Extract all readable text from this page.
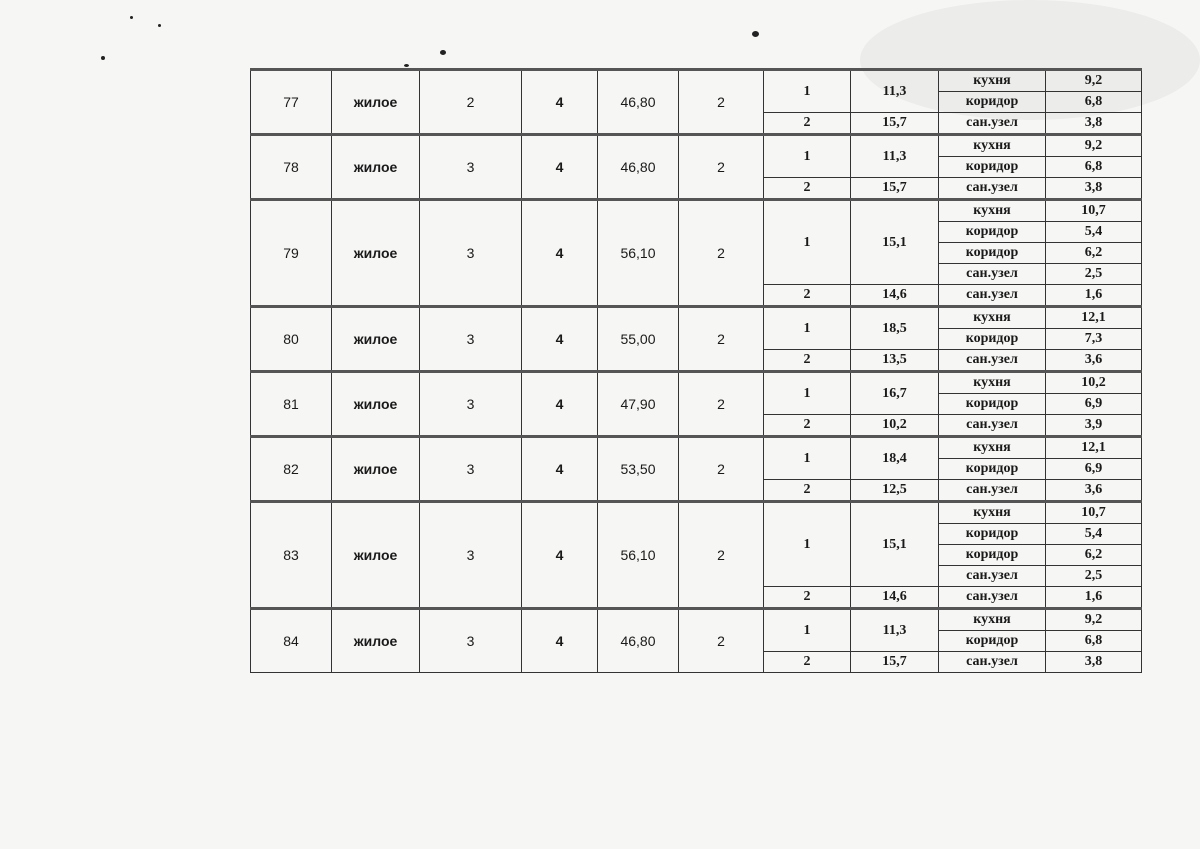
77	жилое	2	4	46,80	2	1	11,3	кухня	9,2
								коридор	6,8
						2	15,7	сан.узел	3,8
78	жилое	3	4	46,80	2	1	11,3	кухня	9,2
								коридор	6,8
						2	15,7	сан.узел	3,8
79	жилое	3	4	56,10	2	1	15,1	кухня	10,7
								коридор	5,4
								коридор	6,2
								сан.узел	2,5
						2	14,6	сан.узел	1,6
80	жилое	3	4	55,00	2	1	18,5	кухня	12,1
								коридор	7,3
						2	13,5	сан.узел	3,6
81	жилое	3	4	47,90	2	1	16,7	кухня	10,2
								коридор	6,9
						2	10,2	сан.узел	3,9
82	жилое	3	4	53,50	2	1	18,4	кухня	12,1
								коридор	6,9
						2	12,5	сан.узел	3,6
83	жилое	3	4	56,10	2	1	15,1	кухня	10,7
								коридор	5,4
								коридор	6,2
								сан.узел	2,5
						2	14,6	сан.узел	1,6
84	жилое	3	4	46,80	2	1	11,3	кухня	9,2
								коридор	6,8
						2	15,7	сан.узел	3,8
